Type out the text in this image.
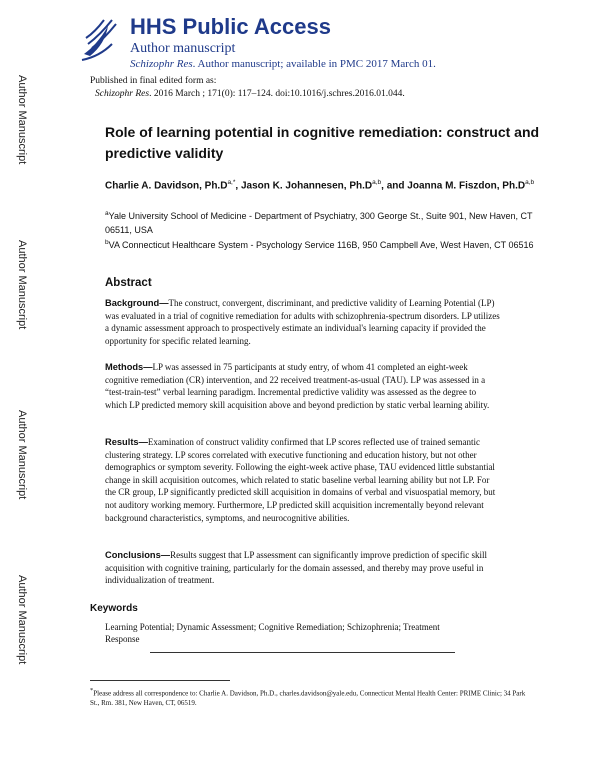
Author Manuscript
Author Manuscript
Author Manuscript
Author Manuscript
HHS Public Access
Author manuscript
Schizophr Res. Author manuscript; available in PMC 2017 March 01.
Published in final edited form as:
Schizophr Res. 2016 March ; 171(0): 117–124. doi:10.1016/j.schres.2016.01.044.
Role of learning potential in cognitive remediation: construct and predictive validity
Charlie A. Davidson, $Ph.D^{a,*}$, Jason K. Johannesen, $Ph.D^{a,b}$, and Joanna M. Fiszdon, $Ph.D^{a,b}$
$^a$Yale University School of Medicine - Department of Psychiatry, 300 George St., Suite 901, New Haven, CT 06511, USA
$^b$VA Connecticut Healthcare System - Psychology Service 116B, 950 Campbell Ave, West Haven, CT 06516
Abstract
Background—The construct, convergent, discriminant, and predictive validity of Learning Potential (LP) was evaluated in a trial of cognitive remediation for adults with schizophrenia-spectrum disorders. LP utilizes a dynamic assessment approach to prospectively estimate an individual's learning capacity if provided the opportunity for specific related learning.
Methods—LP was assessed in 75 participants at study entry, of whom 41 completed an eight-week cognitive remediation (CR) intervention, and 22 received treatment-as-usual (TAU). LP was assessed in a “test-train-test” verbal learning paradigm. Incremental predictive validity was assessed as the degree to which LP predicted memory skill acquisition above and beyond prediction by static verbal learning ability.
Results—Examination of construct validity confirmed that LP scores reflected use of trained semantic clustering strategy. LP scores correlated with executive functioning and education history, but not other demographics or symptom severity. Following the eight-week active phase, TAU evidenced little substantial change in skill acquisition outcomes, which related to static baseline verbal learning ability but not LP. For the CR group, LP significantly predicted skill acquisition in domains of verbal and visuospatial memory, but not auditory working memory. Furthermore, LP predicted skill acquisition incrementally beyond relevant background characteristics, symptoms, and neurocognitive abilities.
Conclusions—Results suggest that LP assessment can significantly improve prediction of specific skill acquisition with cognitive training, particularly for the domain assessed, and thereby may prove useful in individualization of treatment.
Keywords
Learning Potential; Dynamic Assessment; Cognitive Remediation; Schizophrenia; Treatment Response
*Please address all correspondence to: Charlie A. Davidson, Ph.D., charles.davidson@yale.edu, Connecticut Mental Health Center: PRIME Clinic; 34 Park St., Rm. 381, New Haven, CT, 06519.
